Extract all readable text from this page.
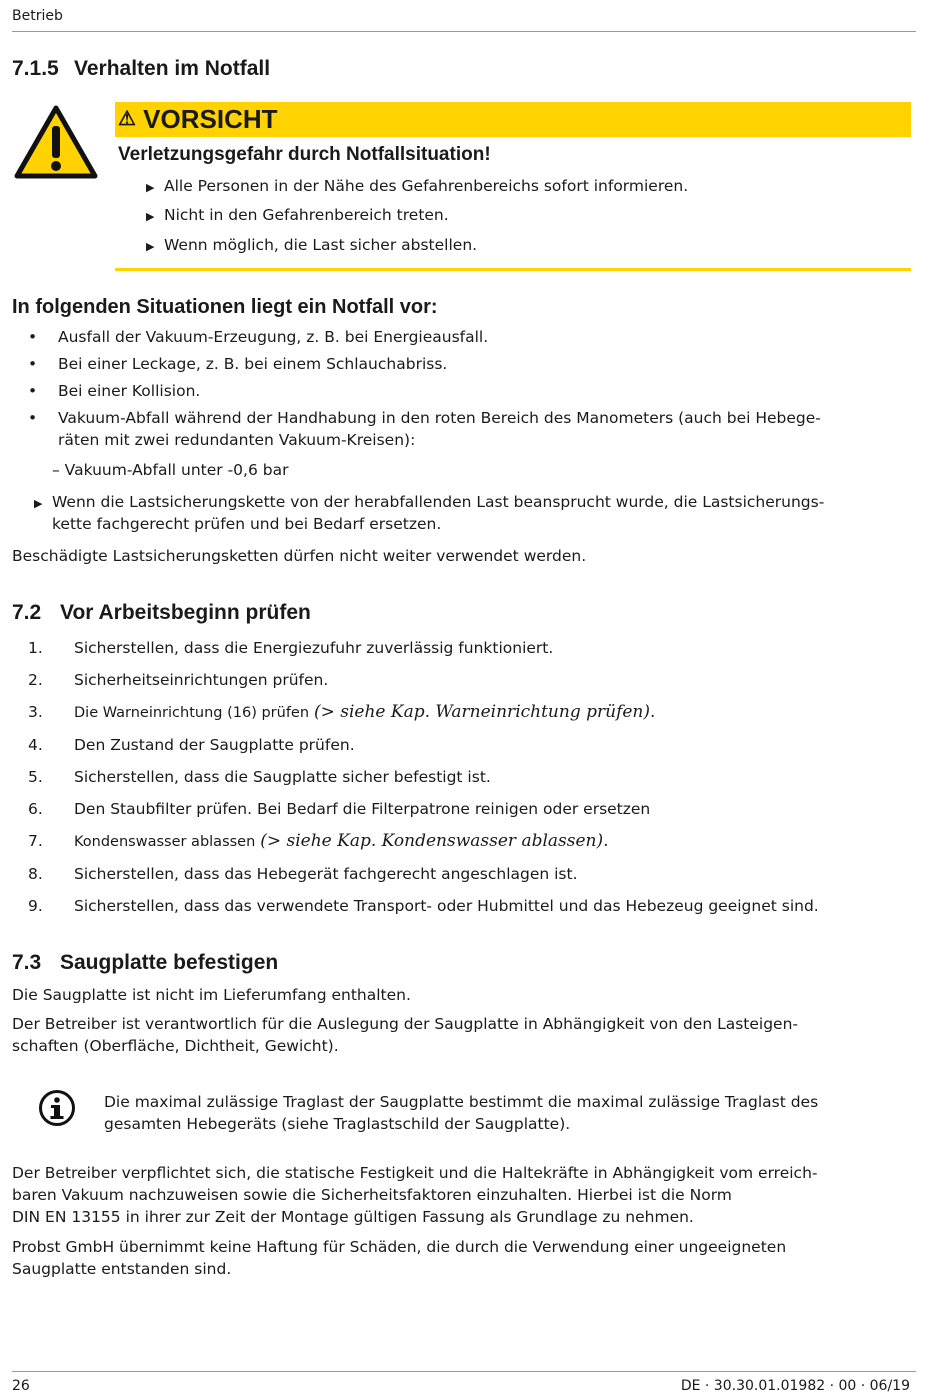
Betrieb
7.1.5 Verhalten im Notfall
⚠ VORSICHT
Verletzungsgefahr durch Notfallsituation!
▶ Alle Personen in der Nähe des Gefahrenbereichs sofort informieren.
▶ Nicht in den Gefahrenbereich treten.
▶ Wenn möglich, die Last sicher abstellen.
In folgenden Situationen liegt ein Notfall vor:
• Ausfall der Vakuum-Erzeugung, z. B. bei Energieausfall.
• Bei einer Leckage, z. B. bei einem Schlauchabriss.
• Bei einer Kollision.
• Vakuum-Abfall während der Handhabung in den roten Bereich des Manometers (auch bei Hebege-
räten mit zwei redundanten Vakuum-Kreisen):
– Vakuum-Abfall unter -0,6 bar
▶ Wenn die Lastsicherungskette von der herabfallenden Last beansprucht wurde, die Lastsicherungs-
kette fachgerecht prüfen und bei Bedarf ersetzen.
Beschädigte Lastsicherungsketten dürfen nicht weiter verwendet werden.
7.2 Vor Arbeitsbeginn prüfen
1. Sicherstellen, dass die Energiezufuhr zuverlässig funktioniert.
2. Sicherheitseinrichtungen prüfen.
3. Die Warneinrichtung (16) prüfen (> siehe Kap. Warneinrichtung prüfen).
4. Den Zustand der Saugplatte prüfen.
5. Sicherstellen, dass die Saugplatte sicher befestigt ist.
6. Den Staubfilter prüfen. Bei Bedarf die Filterpatrone reinigen oder ersetzen
7. Kondenswasser ablassen (> siehe Kap. Kondenswasser ablassen).
8. Sicherstellen, dass das Hebegerät fachgerecht angeschlagen ist.
9. Sicherstellen, dass das verwendete Transport- oder Hubmittel und das Hebezeug geeignet sind.
7.3 Saugplatte befestigen
Die Saugplatte ist nicht im Lieferumfang enthalten.
Der Betreiber ist verantwortlich für die Auslegung der Saugplatte in Abhängigkeit von den Lasteigen-
schaften (Oberfläche, Dichtheit, Gewicht).
Die maximal zulässige Traglast der Saugplatte bestimmt die maximal zulässige Traglast des
gesamten Hebegeräts (siehe Traglastschild der Saugplatte).
Der Betreiber verpflichtet sich, die statische Festigkeit und die Haltekräfte in Abhängigkeit vom erreich-
baren Vakuum nachzuweisen sowie die Sicherheitsfaktoren einzuhalten. Hierbei ist die Norm
DIN EN 13155 in ihrer zur Zeit der Montage gültigen Fassung als Grundlage zu nehmen.
Probst GmbH übernimmt keine Haftung für Schäden, die durch die Verwendung einer ungeeigneten
Saugplatte entstanden sind.
26	DE · 30.30.01.01982 · 00 · 06/19
